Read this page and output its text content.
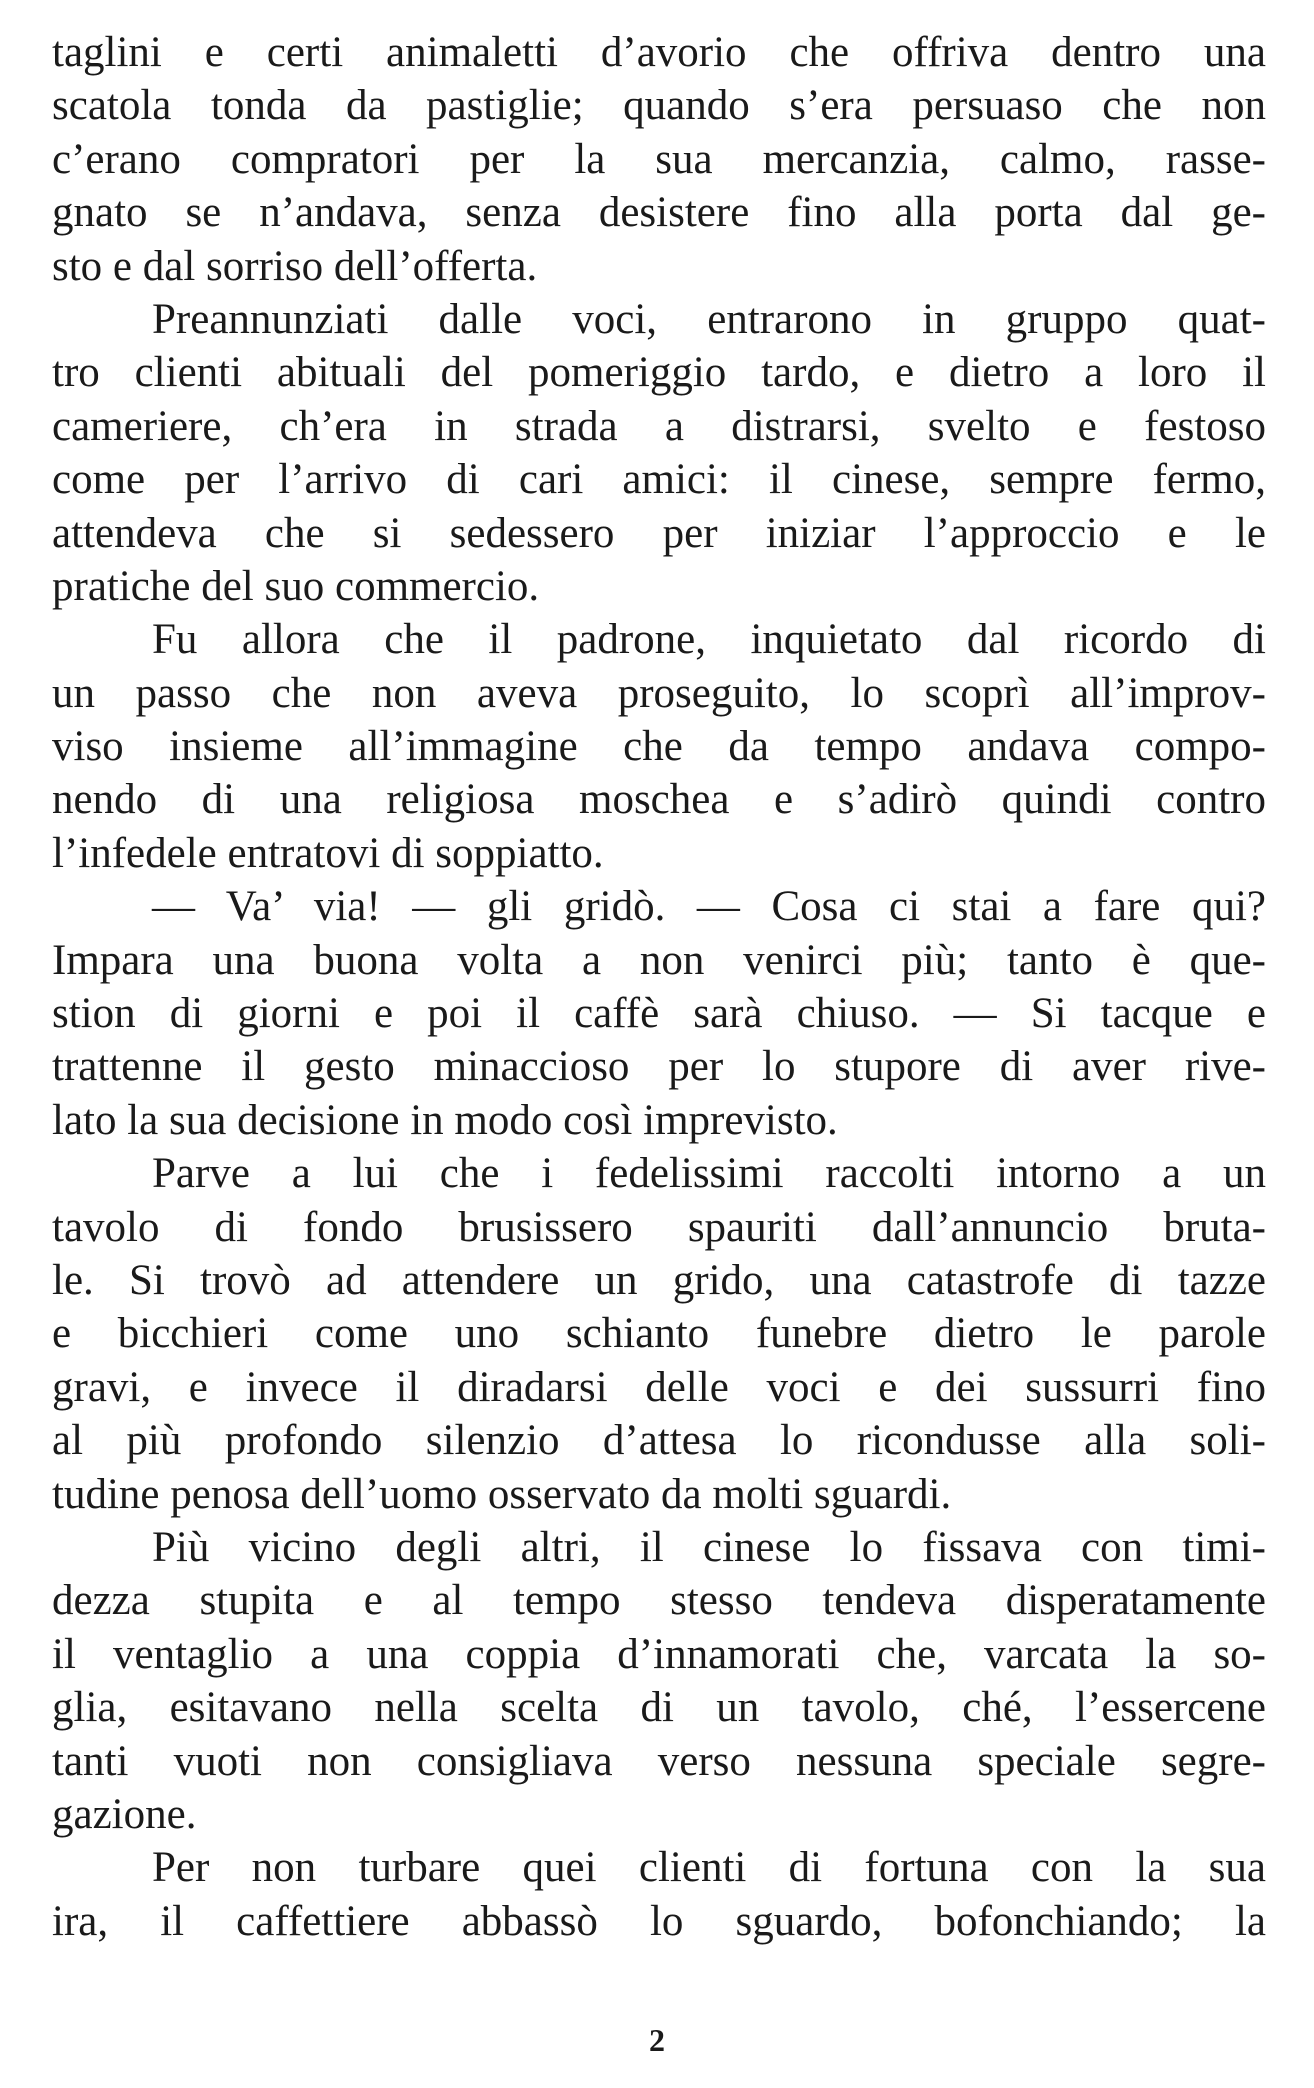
taglini e certi animaletti d’avorio che offriva dentro una
scatola tonda da pastiglie; quando s’era persuaso che non
c’erano compratori per la sua mercanzia, calmo, rasse-
gnato se n’andava, senza desistere fino alla porta dal ge-
sto e dal sorriso dell’offerta.
Preannunziati dalle voci, entrarono in gruppo quat-
tro clienti abituali del pomeriggio tardo, e dietro a loro il
cameriere, ch’era in strada a distrarsi, svelto e festoso
come per l’arrivo di cari amici: il cinese, sempre fermo,
attendeva che si sedessero per iniziar l’approccio e le
pratiche del suo commercio.
Fu allora che il padrone, inquietato dal ricordo di
un passo che non aveva proseguito, lo scoprì all’improv-
viso insieme all’immagine che da tempo andava compo-
nendo di una religiosa moschea e s’adirò quindi contro
l’infedele entratovi di soppiatto.
— Va’ via! — gli gridò. — Cosa ci stai a fare qui?
Impara una buona volta a non venirci più; tanto è que-
stion di giorni e poi il caffè sarà chiuso. — Si tacque e
trattenne il gesto minaccioso per lo stupore di aver rive-
lato la sua decisione in modo così imprevisto.
Parve a lui che i fedelissimi raccolti intorno a un
tavolo di fondo brusissero spauriti dall’annuncio bruta-
le. Si trovò ad attendere un grido, una catastrofe di tazze
e bicchieri come uno schianto funebre dietro le parole
gravi, e invece il diradarsi delle voci e dei sussurri fino
al più profondo silenzio d’attesa lo ricondusse alla soli-
tudine penosa dell’uomo osservato da molti sguardi.
Più vicino degli altri, il cinese lo fissava con timi-
dezza stupita e al tempo stesso tendeva disperatamente
il ventaglio a una coppia d’innamorati che, varcata la so-
glia, esitavano nella scelta di un tavolo, ché, l’essercene
tanti vuoti non consigliava verso nessuna speciale segre-
gazione.
Per non turbare quei clienti di fortuna con la sua
ira, il caffettiere abbassò lo sguardo, bofonchiando; la
2
